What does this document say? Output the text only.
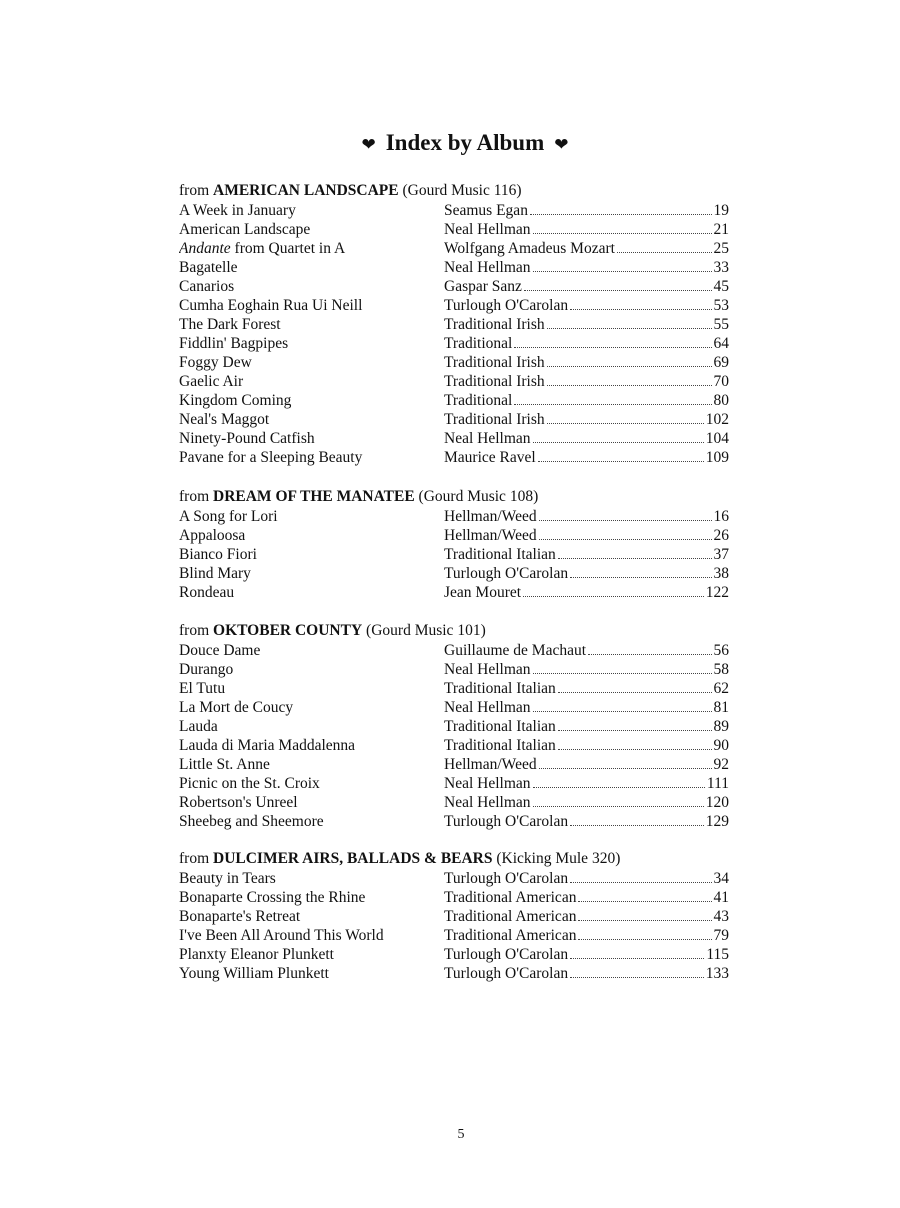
❤ Index by Album ❤
from AMERICAN LANDSCAPE (Gourd Music 116)
A Week in January	Seamus Egan	19
American Landscape	Neal Hellman	21
Andante from Quartet in A	Wolfgang Amadeus Mozart	25
Bagatelle	Neal Hellman	33
Canarios	Gaspar Sanz	45
Cumha Eoghain Rua Ui Neill	Turlough O'Carolan	53
The Dark Forest	Traditional Irish	55
Fiddlin' Bagpipes	Traditional	64
Foggy Dew	Traditional Irish	69
Gaelic Air	Traditional Irish	70
Kingdom Coming	Traditional	80
Neal's Maggot	Traditional Irish	102
Ninety-Pound Catfish	Neal Hellman	104
Pavane for a Sleeping Beauty	Maurice Ravel	109
from DREAM OF THE MANATEE (Gourd Music 108)
A Song for Lori	Hellman/Weed	16
Appaloosa	Hellman/Weed	26
Bianco Fiori	Traditional Italian	37
Blind Mary	Turlough O'Carolan	38
Rondeau	Jean Mouret	122
from OKTOBER COUNTY (Gourd Music 101)
Douce Dame	Guillaume de Machaut	56
Durango	Neal Hellman	58
El Tutu	Traditional Italian	62
La Mort de Coucy	Neal Hellman	81
Lauda	Traditional Italian	89
Lauda di Maria Maddalenna	Traditional Italian	90
Little St. Anne	Hellman/Weed	92
Picnic on the St. Croix	Neal Hellman	111
Robertson's Unreel	Neal Hellman	120
Sheebeg and Sheemore	Turlough O'Carolan	129
from DULCIMER AIRS, BALLADS & BEARS (Kicking Mule 320)
Beauty in Tears	Turlough O'Carolan	34
Bonaparte Crossing the Rhine	Traditional American	41
Bonaparte's Retreat	Traditional American	43
I've Been All Around This World	Traditional American	79
Planxty Eleanor Plunkett	Turlough O'Carolan	115
Young William Plunkett	Turlough O'Carolan	133
5
